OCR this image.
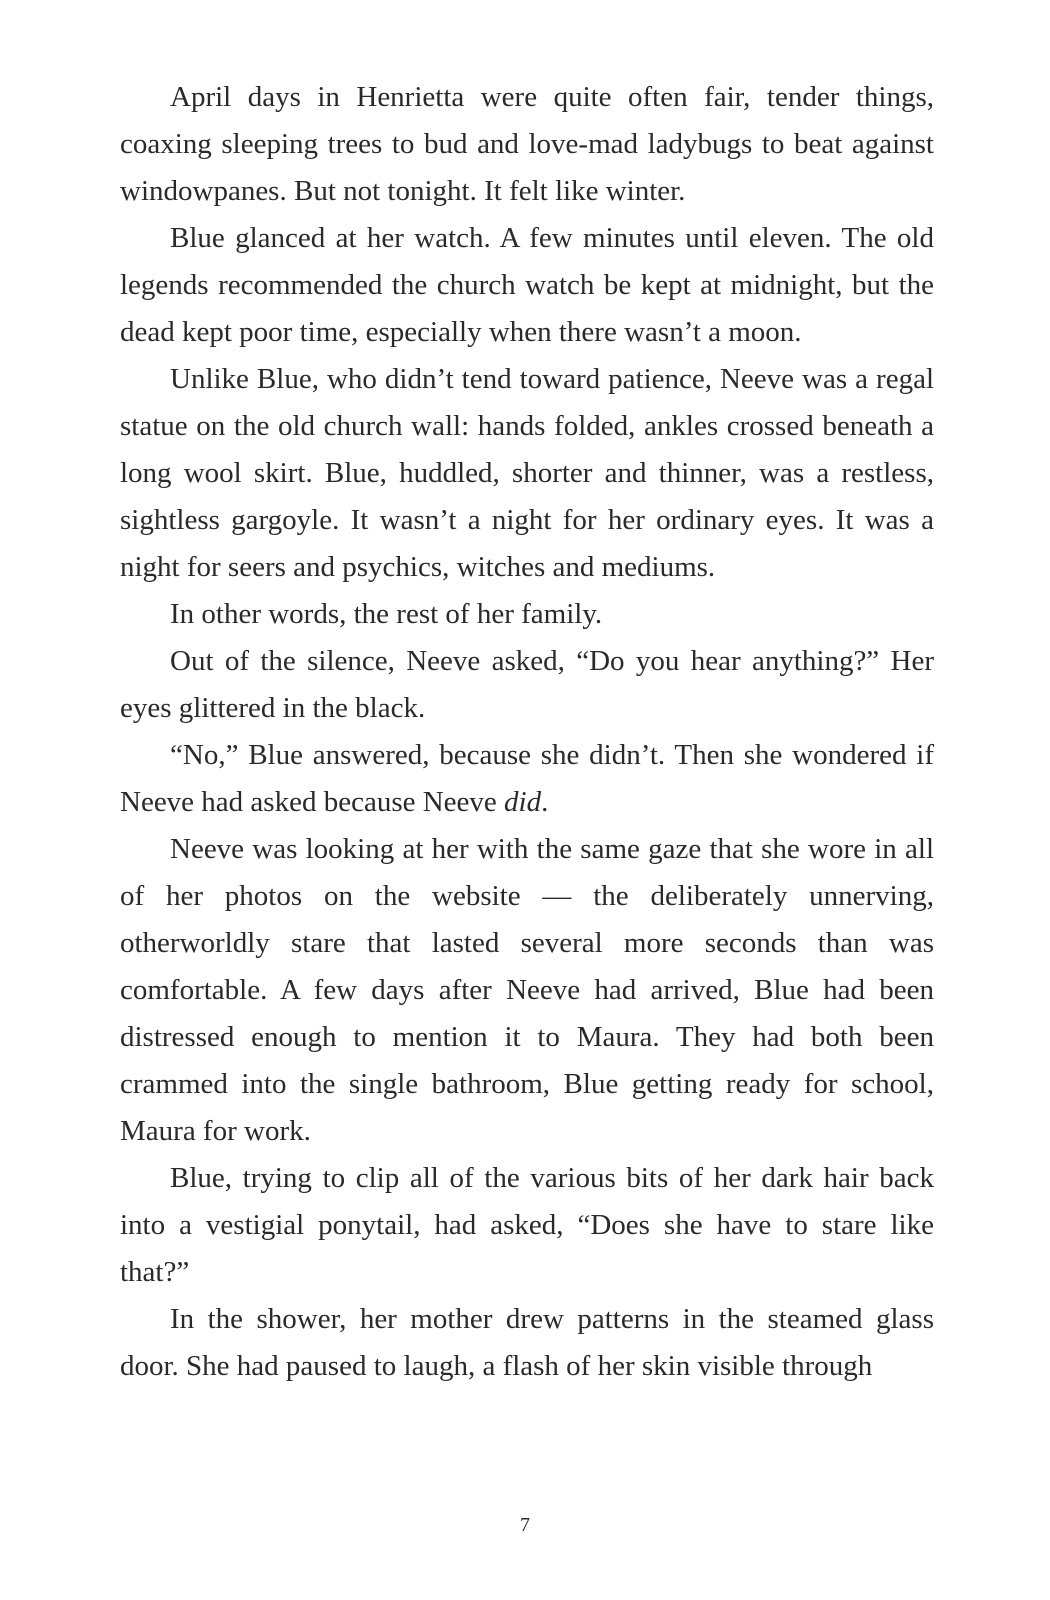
April days in Henrietta were quite often fair, tender things, coaxing sleeping trees to bud and love-mad ladybugs to beat against windowpanes. But not tonight. It felt like winter.

Blue glanced at her watch. A few minutes until eleven. The old legends recommended the church watch be kept at midnight, but the dead kept poor time, especially when there wasn’t a moon.

Unlike Blue, who didn’t tend toward patience, Neeve was a regal statue on the old church wall: hands folded, ankles crossed beneath a long wool skirt. Blue, huddled, shorter and thinner, was a restless, sightless gargoyle. It wasn’t a night for her ordinary eyes. It was a night for seers and psychics, witches and mediums.

In other words, the rest of her family.

Out of the silence, Neeve asked, “Do you hear anything?” Her eyes glittered in the black.

“No,” Blue answered, because she didn’t. Then she wondered if Neeve had asked because Neeve did.

Neeve was looking at her with the same gaze that she wore in all of her photos on the website — the deliberately unnerving, otherworldly stare that lasted several more seconds than was comfortable. A few days after Neeve had arrived, Blue had been distressed enough to mention it to Maura. They had both been crammed into the single bathroom, Blue getting ready for school, Maura for work.

Blue, trying to clip all of the various bits of her dark hair back into a vestigial ponytail, had asked, “Does she have to stare like that?”

In the shower, her mother drew patterns in the steamed glass door. She had paused to laugh, a flash of her skin visible through

7
